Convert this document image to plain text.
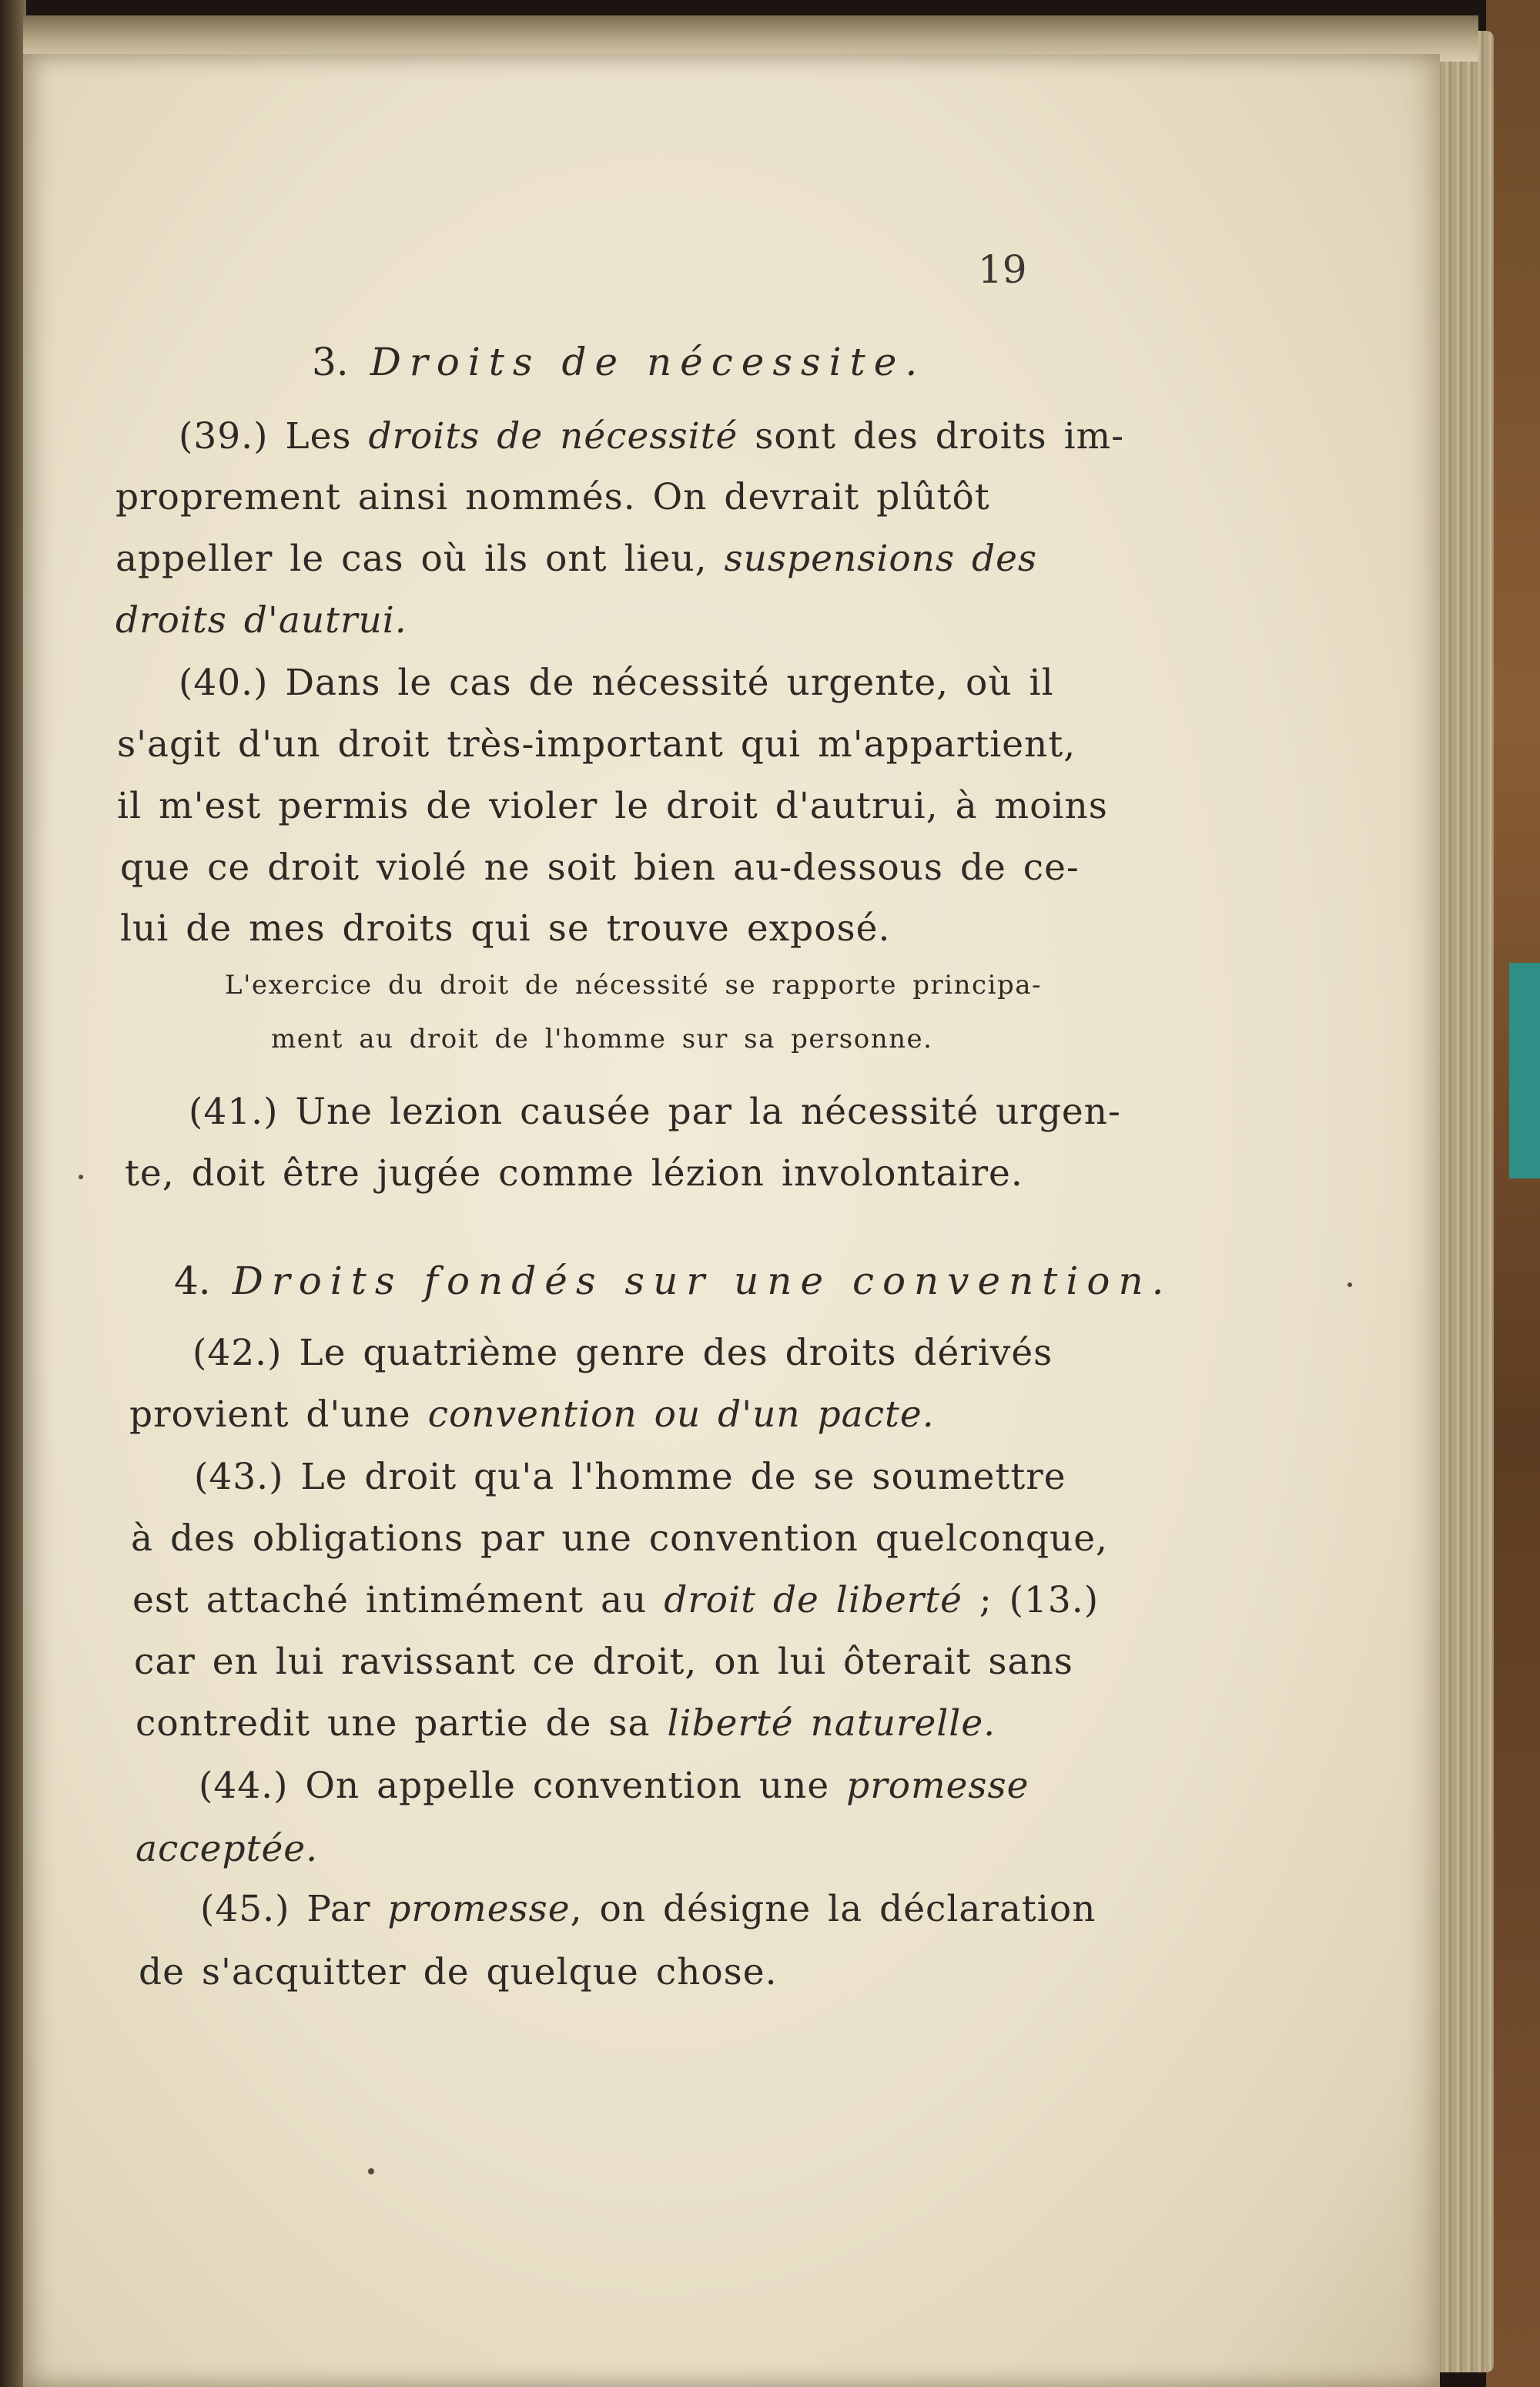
19
3. Droits de nécessite.
(39.) Les droits de nécessité sont des droits im-
proprement ainsi nommés. On devrait plûtôt
appeller le cas où ils ont lieu, suspensions des
droits d'autrui.
(40.) Dans le cas de nécessité urgente, où il
s'agit d'un droit très-important qui m'appartient,
il m'est permis de violer le droit d'autrui, à moins
que ce droit violé ne soit bien au-dessous de ce-
lui de mes droits qui se trouve exposé.
L'exercice du droit de nécessité se rapporte principa-
ment au droit de l'homme sur sa personne.
(41.) Une lezion causée par la nécessité urgen-
te, doit être jugée comme lézion involontaire.
4. Droits fondés sur une convention.
(42.) Le quatrième genre des droits dérivés
provient d'une convention ou d'un pacte.
(43.) Le droit qu'a l'homme de se soumettre
à des obligations par une convention quelconque,
est attaché intimément au droit de liberté ; (13.)
car en lui ravissant ce droit, on lui ôterait sans
contredit une partie de sa liberté naturelle.
(44.) On appelle convention une promesse
acceptée.
(45.) Par promesse, on désigne la déclaration
de s'acquitter de quelque chose.
